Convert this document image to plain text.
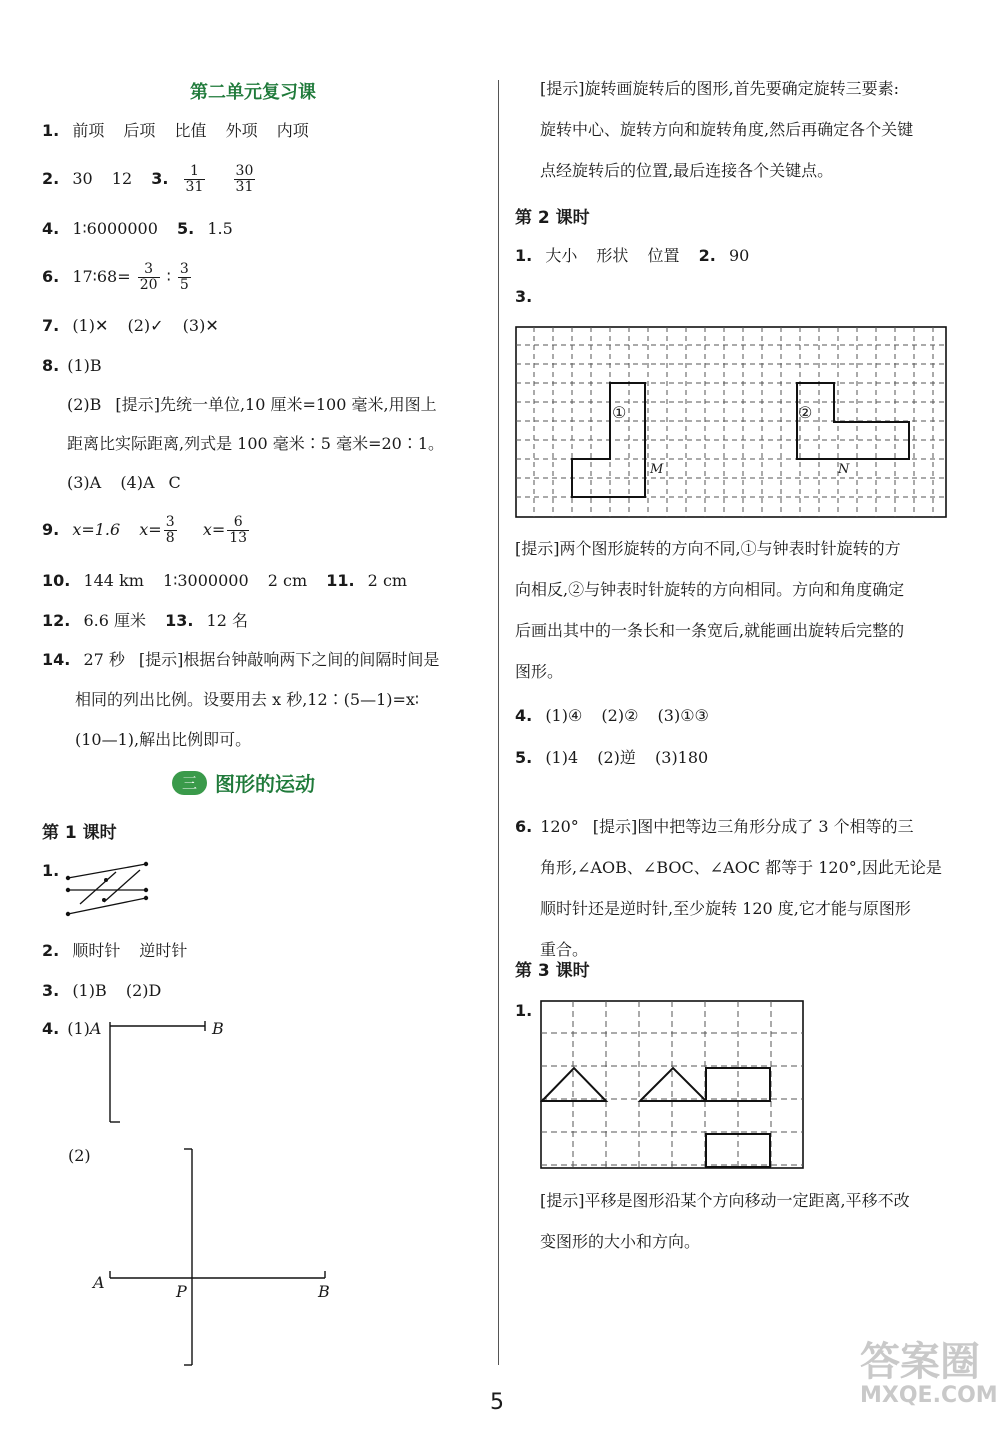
第二单元复习课
1. 前项 后项 比值 外项 内项
2. 30 12 3. $\frac{1}{31}$
$\frac{30}{31}$
4. 1∶6000000 5. 1.5
6. 17∶68= $\frac{3}{20}$ ∶ $\frac{3}{5}$
7. (1)✕ (2)✓ (3)✕
8. (1)B
(2)B [提示]先统一单位,10 厘米=100 毫米,用图上
距离比实际距离,列式是 100 毫米∶5 毫米=20∶1。
(3)A (4)A C
9. x=1.6 $x= \frac{3}{8} x= \frac{6}{13}$
10. 144 km 1∶3000000 2 cm 11. 2 cm
12. 6.6 厘米 13. 12 名
14. 27 秒 [提示]根据台钟敲响两下之间的间隔时间是
相同的列出比例。设要用去 x 秒,12∶(5—1)=x∶
(10—1),解出比例即可。
三 图形的运动
第 1 课时
1.
2. 顺时针 逆时针
3. (1)B (2)D
4. (1)A	B
(2)
A	P	B
[提示]旋转画旋转后的图形,首先要确定旋转三要素:
旋转中心、旋转方向和旋转角度,然后再确定各个关键
点经旋转后的位置,最后连接各个关键点。
第 2 课时
1. 大小 形状 位置 2. 90
3.
①	②
M	N
[提示]两个图形旋转的方向不同,①与钟表时针旋转的方
向相反,②与钟表时针旋转的方向相同。方向和角度确定
后画出其中的一条长和一条宽后,就能画出旋转后完整的
图形。
4. (1)④ (2)② (3)①③
5. (1)4 (2)逆 (3)180
6. 120° [提示]图中把等边三角形分成了 3 个相等的三
角形,∠AOB、∠BOC、∠AOC 都等于 120°,因此无论是
顺时针还是逆时针,至少旋转 120 度,它才能与原图形
重合。
第 3 课时
1.
[提示]平移是图形沿某个方向移动一定距离,平移不改
变图形的大小和方向。
5
答案圈
MXQE.COM
